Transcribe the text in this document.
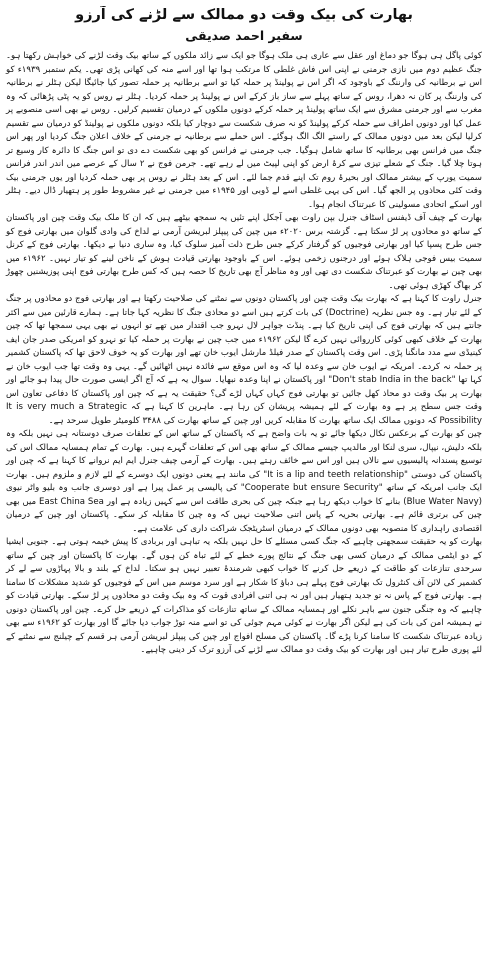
بھارت کی بیک وقت دو ممالک سے لڑنے کی آرزو
سفیر احمد صدیقی

کوئی پاگل ہی ہوگا جو دماغ اور عقل سے عاری ہی ملک ہوگا جو ایک سے زائد ملکوں کے ساتھ بیک وقت لڑنے کی خواہش رکھتا ہو۔ جنگ عظیم دوم میں نازی جرمنی نے اپنی اس فاش غلطی کا مرتکب ہوا تھا اور اسے منہ کی کھانی پڑی تھی۔ یکم ستمبر ۱۹۳۹ء کو اس نے برطانیہ کی وارننگ کے باوجود کہ اگر اس نے پولینڈ پر حملہ کیا تو اسے برطانیہ پر حملہ تصور کیا جائیگا لیکن ہٹلر نے برطانیہ کی وارننگ پر کان نہ دھرا، روس کے ساتھ پہلے سے ساز باز کرکے اس نے پولینڈ پر حملہ کردیا۔ ہٹلر نے روس کو یہ پٹی پڑھائی کہ وہ مغرب سے اور جرمنی مشرق سے ایک ساتھ پولینڈ پر حملہ کرکے دونوں ملکوں کے درمیان تقسیم کرلیں۔ روس نے بھی اسی منصوبے پر عمل کیا اور دونوں اطراف سے حملہ کرکے پولینڈ کو نہ صرف شکست سے دوچار کیا بلکہ دونوں ملکوں نے پولینڈ کو درمیان سے تقسیم کرلیا لیکن بعد میں دونوں ممالک کے راستے الگ الگ ہوگئے۔ اس حملے سے برطانیہ نے جرمنی کے خلاف اعلان جنگ کردیا اور پھر اس جنگ میں فرانس بھی برطانیہ کا ساتھ شامل ہوگیا۔ جب جرمنی نے فرانس کو بھی شکست دے دی تو اس جنگ کا دائرہ کار وسیع تر ہوتا چلا گیا۔ جنگ کے شعلے تیزی سے کرۂ ارض کو اپنی لپیٹ میں لے رہے تھے۔ جرمن فوج نے ۲ سال کے عرصے میں اندر اندر فرانس سمیت یورپ کے بیشتر ممالک اور بحیرۂ روم تک اپنے قدم جما لئے۔ اس کے بعد ہٹلر نے روس پر بھی حملہ کردیا اور یوں جرمنی بیک وقت کئی محاذوں پر الجھ گیا۔ اس کی یہی غلطی اسے لے ڈوبی اور ۱۹۴۵ء میں جرمنی نے غیر مشروط طور پر ہتھیار ڈال دیے۔ ہٹلر اور اسکے اتحادی مسولینی کا عبرتناک انجام ہوا۔

بھارت کے چیف آف ڈیفنس اسٹاف جنرل بپن راوت بھی آجکل اپنے تئیں یہ سمجھ بیٹھے ہیں کہ ان کا ملک بیک وقت چین اور پاکستان کے ساتھ دو محاذوں پر لڑ سکتا ہے۔ گزشتہ برس ۲۰۲۰ء میں چین کی پیپلز لبریشن آرمی نے لداخ کی وادی گلوان میں بھارتی فوج کو جس طرح پسپا کیا اور بھارتی فوجیوں کو گرفتار کرکے جس طرح ذلت آمیز سلوک کیا، وہ ساری دنیا نے دیکھا۔ بھارتی فوج کے کرنل سمیت بیس فوجی ہلاک ہوئے اور درجنوں زخمی ہوئے۔ اس کے باوجود بھارتی قیادت ہوش کے ناخن لینے کو تیار نہیں۔ ۱۹۶۲ء میں بھی چین نے بھارت کو عبرتناک شکست دی تھی اور وہ مناظر آج بھی تاریخ کا حصہ ہیں کہ کس طرح بھارتی فوج اپنی پوزیشنیں چھوڑ کر بھاگ کھڑی ہوئی تھی۔

جنرل راوت کا کہنا ہے کہ بھارت بیک وقت چین اور پاکستان دونوں سے نمٹنے کی صلاحیت رکھتا ہے اور بھارتی فوج دو محاذوں پر جنگ کے لئے تیار ہے۔ وہ جس نظریہ (Doctrine) کی بات کرتے ہیں اسے دو محاذی جنگ کا نظریہ کہا جاتا ہے۔ ہمارے قارئین میں سے اکثر جانتے ہیں کہ بھارتی فوج کی اپنی تاریخ کیا ہے۔ پنڈت جواہر لال نہرو جب اقتدار میں تھے تو انہوں نے بھی یہی سمجھا تھا کہ چین بھارت کے خلاف کبھی کوئی کارروائی نہیں کرے گا لیکن ۱۹۶۲ء میں جب چین نے بھارت پر حملہ کیا تو نہرو کو امریکی صدر جان ایف کینیڈی سے مدد مانگنا پڑی۔ اس وقت پاکستان کے صدر فیلڈ مارشل ایوب خان تھے اور بھارت کو یہ خوف لاحق تھا کہ پاکستان کشمیر پر حملہ نہ کردے۔ امریکہ نے ایوب خان سے وعدہ لیا کہ وہ اس موقع سے فائدہ نہیں اٹھائیں گے۔ یہی وہ وقت تھا جب ایوب خان نے کہا تھا "Don't stab India in the back" اور پاکستان نے اپنا وعدہ نبھایا۔ سوال یہ ہے کہ آج اگر ایسی صورت حال پیدا ہو جائے اور بھارت پر بیک وقت دو محاذ کھل جائیں تو بھارتی فوج کہاں کہاں لڑے گی؟ حقیقت یہ ہے کہ چین اور پاکستان کا دفاعی تعاون اس وقت جس سطح پر ہے وہ بھارت کے لئے ہمیشہ پریشان کن رہا ہے۔ ماہرین کا کہنا ہے کہ It is very much a Strategic Possibility کہ دونوں ممالک ایک ساتھ بھارت کا مقابلہ کریں اور چین کے ساتھ بھارت کی ۳۴۸۸ کلومیٹر طویل سرحد ہے۔

چین کو بھارت کے برعکس نکال دیکھا جائے تو یہ بات واضح ہے کہ پاکستان کے ساتھ اس کے تعلقات صرف دوستانہ ہی نہیں بلکہ وہ بلکہ دلیش، نیپال، سری لنکا اور مالدیپ جیسے ممالک کے ساتھ بھی اس کے تعلقات گہرے ہیں۔ بھارت کے تمام ہمسایہ ممالک اس کی توسیع پسندانہ پالیسیوں سے نالاں ہیں اور اس سے خائف رہتے ہیں۔ بھارت کے آرمی چیف جنرل ایم ایم نروانے کا کہنا ہے کہ چین اور پاکستان کی دوستی "It is a lip and teeth relationship" کی مانند ہے یعنی دونوں ایک دوسرے کے لئے لازم و ملزوم ہیں۔ بھارت ایک جانب امریکہ کے ساتھ "Cooperate but ensure Security" کی پالیسی پر عمل پیرا ہے اور دوسری جانب وہ بلیو واٹر نیوی (Blue Water Navy) بنانے کا خواب دیکھ رہا ہے جبکہ چین کی بحری طاقت اس سے کہیں زیادہ ہے اور East China Sea میں بھی چین کی برتری قائم ہے۔ بھارتی بحریہ کے پاس اتنی صلاحیت نہیں کہ وہ چین کا مقابلہ کر سکے۔ پاکستان اور چین کے درمیان اقتصادی راہداری کا منصوبہ بھی دونوں ممالک کے درمیان اسٹریٹجک شراکت داری کی علامت ہے۔

بھارت کو یہ حقیقت سمجھنی چاہیے کہ جنگ کسی مسئلے کا حل نہیں بلکہ یہ تباہی اور بربادی کا پیش خیمہ ہوتی ہے۔ جنوبی ایشیا کے دو ایٹمی ممالک کے درمیان کسی بھی جنگ کے نتائج پورے خطے کے لئے تباہ کن ہوں گے۔ بھارت کا پاکستان اور چین کے ساتھ سرحدی تنازعات کو طاقت کے ذریعے حل کرنے کا خواب کبھی شرمندۂ تعبیر نہیں ہو سکتا۔ لداخ کے بلند و بالا پہاڑوں سے لے کر کشمیر کی لائن آف کنٹرول تک بھارتی فوج پہلے ہی دباؤ کا شکار ہے اور سرد موسم میں اس کے فوجیوں کو شدید مشکلات کا سامنا ہے۔ بھارتی فوج کے پاس نہ تو جدید ہتھیار ہیں اور نہ ہی اتنی افرادی قوت کہ وہ بیک وقت دو محاذوں پر لڑ سکے۔ بھارتی قیادت کو چاہیے کہ وہ جنگی جنون سے باہر نکلے اور ہمسایہ ممالک کے ساتھ تنازعات کو مذاکرات کے ذریعے حل کرے۔ چین اور پاکستان دونوں نے ہمیشہ امن کی بات کی ہے لیکن اگر بھارت نے کوئی مہم جوئی کی تو اسے منہ توڑ جواب دیا جائے گا اور بھارت کو ۱۹۶۲ء سے بھی زیادہ عبرتناک شکست کا سامنا کرنا پڑے گا۔ پاکستان کی مسلح افواج اور چین کی پیپلز لبریشن آرمی ہر قسم کے چیلنج سے نمٹنے کے لئے پوری طرح تیار ہیں اور بھارت کو بیک وقت دو ممالک سے لڑنے کی آرزو ترک کر دینی چاہیے۔
